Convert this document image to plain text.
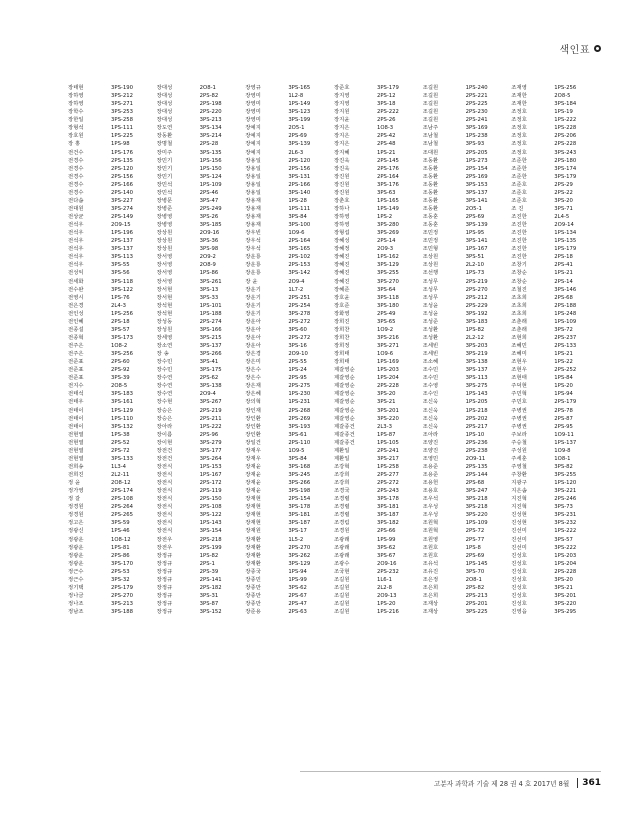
색인표
장태현	3PS-190	장대성	2O8-1	장영규	3PS-165	장준호	3PS-179	조길원	1PS-240	조재영	1PS-256
장하영	3PS-212	장대성	2PS-82	장영미	1L2-8	장지영	2PS-12	조길원	2PS-221	조재한	2O8-5
장하영	3PS-271	장대성	2PS-198	장영미	1PS-149	장지영	3PS-18	조길원	2PS-225	조재한	3PS-184
장학수	3PS-253	장대성	2PS-220	장영미	3PS-123	장지원	2PS-222	조길원	2PS-230	조정호	1PS-19
장한일	3PS-258	장대성	3PS-213	장영미	3PS-199	장지윤	2PS-26	조길원	2PS-241	조정호	1PS-222
장형석	1PS-111	장도연	3PS-134	장예지	2O5-1	장지은	1O8-3	조남주	3PS-169	조정호	1PS-228
장호원	1PS-225	장동환	3PS-214	장예지	2PS-69	장지은	2PS-42	조남철	1PS-238	조정호	2PS-206
장 홍	1PS-98	장명철	2PS-28	장예지	3PS-139	장지은	2PS-48	조남철	3PS-93	조정호	2PS-228
전건수	1PS-176	장미주	3PS-135	장예지	2L6-3	장지혜	1PS-21	조대원	2PS-205	조정호	3PS-243
전경수	2PS-135	장민기	1PS-156	장용일	2PS-120	장진욱	2PS-145	조동환	1PS-273	조준한	2PS-180
전경수	2PS-120	장민기	1PS-150	장용일	2PS-156	장진욱	2PS-176	조동환	2PS-154	조준한	3PS-174
전경수	2PS-156	장민기	3PS-124	장용일	3PS-131	장진원	2PS-164	조동환	2PS-169	조준한	3PS-179
전경수	2PS-166	장민석	1PS-109	장용일	2PS-166	장진원	3PS-176	조동환	3PS-153	조준호	2PS-29
전경수	2PS-140	장민석	2PS-46	장용일	3PS-140	장진원	3PS-63	조동환	3PS-137	조준호	2PS-22
전다솜	3PS-227	장병문	3PS-47	장용재	1PS-28	장춘호	1PS-165	조동환	3PS-141	조준호	3PS-20
전대원	3PS-274	장병준	2PS-249	장용재	1PS-111	장하나	1PS-149	조동환	2O5-1	조 진	3PS-71
전상균	2PS-149	장병영	3PS-26	장용재	3PS-84	장하영	1PS-2	조동훈	2PS-69	조진한	2L4-5
전석우	2O9-15	장병영	3PS-185	장용재	3PS-100	장하영	3PS-280	조동훈	3PS-139	조진한	2O9-14
전석우	1PS-196	장상원	2O9-16	장우빈	1O9-6	장형섭	3PS-269	조민정	1PS-95	조진한	1PS-134
전석우	2PS-137	장상원	3PS-36	장우석	2PS-164	장혜성	2PS-14	조민정	3PS-141	조진한	1PS-135
전석우	3PS-137	장상원	3PS-98	장우석	3PS-165	장혜정	2O9-3	조민형	1PS-167	조진한	1PS-179
전석우	3PS-113	장서영	2O9-2	장운룡	2PS-102	장혜진	1PS-162	조상원	3PS-51	조진한	2PS-18
전석우	3PS-55	장서영	2O8-9	장운룡	2PS-153	장혜진	3PS-129	조상원	2L2-10	조창기	2PS-41
전성익	3PS-56	장서영	1PS-86	장운룡	3PS-142	장혜진	3PS-255	조선행	1PS-73	조창순	1PS-21
전세화	3PS-118	장서영	3PS-261	장 윤	2O9-4	장혜진	3PS-270	조성무	2PS-219	조창순	2PS-14
전수완	3PS-122	장서현	3PS-13	장운기	1L7-2	장혜준	3PS-64	조성무	2PS-270	조철진	3PS-146
전영시	1PS-76	장서현	3PS-33	장운기	2PS-251	장호윤	3PS-118	조성무	2PS-212	조초희	2PS-68
전은경	2L4-3	장석현	1PS-101	장운기	2PS-254	장호준	3PS-180	조성윤	2PS-229	조초희	2PS-188
전인성	1PS-256	장석현	1PS-188	장운기	3PS-278	장화영	2PS-49	조성윤	3PS-192	조초희	1PS-248
전인혜	2PS-18	장성동	2PS-274	장운아	2PS-272	장희진	3PS-65	조성준	3PS-183	조춘래	1PS-109
전종설	3PS-57	장성원	3PS-166	장운아	3PS-60	장희찬	1O9-2	조성환	1PS-82	조춘래	3PS-72
전종혁	3PS-173	장세영	3PS-215	장운아	2PS-272	장희찬	3PS-216	조성환	2L2-12	조현희	2PS-237
전주은	1O8-2	장소연	3PS-137	장운아	3PS-16	장희정	3PS-271	조세빈	3PS-203	조혜민	2PS-133
전주은	3PS-256	장 송	3PS-266	장은경	2O9-10	장희태	1O9-6	조세빈	3PS-219	조혜미	1PS-21
전준표	2PS-60	장수민	3PS-41	장은미	2PS-55	장희태	1PS-169	조소혜	3PS-138	조현우	1PS-22
전준표	2PS-92	장수민	3PS-175	장은수	1PS-24	제갈영순	1PS-203	조수민	3PS-137	조현우	2PS-252
전준표	3PS-39	장수연	2PS-62	장은수	2PS-95	제갈영순	1PS-204	조수민	3PS-113	조현태	1PS-84
전지수	2O8-5	장수연	3PS-138	장은재	2PS-275	제갈영순	2PS-228	조수영	3PS-275	주덕현	1PS-20
전태석	3PS-183	장수연	2O9-4	장은혜	1PS-230	제갈영순	3PS-20	조수인	1PS-143	주민혁	1PS-94
전태우	3PS-161	장수현	3PS-267	장의혁	1PS-231	제갈영순	3PS-21	조신욱	1PS-205	주민호	2PS-179
전태이	1PS-129	장승은	2PS-219	장인재	2PS-268	제갈영순	3PS-201	조신욱	1PS-218	주병권	2PS-78
전태이	1PS-110	장승은	2PS-211	장인환	2PS-269	제갈영순	3PS-220	조신욱	2PS-202	주병권	2PS-87
전태이	3PS-132	장아라	1PS-222	장인환	3PS-193	제갈종건	2L3-3	조신욱	2PS-217	주병권	2PS-95
전현열	1PS-38	장이름	2PS-96	장인환	3PS-61	제갈종건	1PS-87	조아라	1PS-10	주보라	1O9-11
전현열	2PS-52	장이현	3PS-279	장일건	2PS-110	제갈종건	1PS-105	조양진	2PS-236	주승철	1PS-137
전현열	2PS-72	장전건	3PS-177	장재우	1O9-5	제환일	2PS-241	조양진	2PS-238	주성원	1O9-8
전현열	3PS-133	장전건	3PS-264	장재우	3PS-84	제환일	3PS-217	조영민	2O9-11	주세훈	1O8-1
전희송	1L3-4	장전식	1PS-153	장재윤	3PS-168	조강혁	1PS-258	조용준	2PS-135	주영철	3PS-82
전희진	2L2-11	장전식	1PS-167	장재윤	3PS-245	조강희	2PS-277	조용준	2PS-144	주창환	3PS-255
정 윤	2O8-12	장전식	2PS-172	장재윤	3PS-266	조강희	2PS-272	조용헌	2PS-68	지광구	1PS-120
정가영	2PS-174	장전식	2PS-119	장재윤	3PS-198	조경국	2PS-243	조용호	3PS-247	지은솜	3PS-221
정 갈	2PS-108	장전식	2PS-150	장재현	2PS-154	조경렬	3PS-178	조우석	3PS-218	지진혁	2PS-246
정경원	2PS-264	장전식	2PS-108	장재현	3PS-178	조경렬	3PS-181	조우성	3PS-218	지진혁	3PS-73
정경원	2PS-265	장전식	3PS-122	장재현	3PS-181	조경렬	3PS-187	조우성	3PS-220	진성현	3PS-231
정고은	3PS-59	장전식	1PS-143	장재현	3PS-187	조경림	3PS-182	조원혁	1PS-109	진성현	3PS-232
정광신	1PS-46	장전식	3PS-154	장재원	3PS-17	조경원	2PS-66	조원혁	2PS-72	진선미	1PS-222
정광운	1O8-12	장전우	2PS-218	장재환	1L5-2	조광래	1PS-99	조원영	2PS-77	진선미	3PS-57
정광운	1PS-81	장전우	2PS-199	장재환	2PS-270	조광래	3PS-62	조원호	1PS-8	진선미	3PS-222
정광운	2PS-86	장정규	1PS-82	장재환	3PS-262	조광래	3PS-67	조원호	2PS-69	진성호	1PS-203
정광운	3PS-170	장정규	2PS-1	장재환	3PS-129	조광수	2O9-16	조유석	1PS-145	진성호	1PS-204
정근수	2PS-53	장정규	2PS-39	장종국	1PS-94	조국현	2PS-232	조유진	3PS-70	진성호	2PS-228
정근수	3PS-32	장정규	2PS-141	장종민	1PS-99	조길원	1L6-1	조은정	2O8-1	진성호	3PS-20
정기택	2PS-179	장정규	2PS-182	장종만	3PS-62	조길원	2L2-8	조은희	2PS-82	진성호	3PS-21
정나금	2PS-270	장정규	3PS-31	장종만	2PS-67	조길원	2O9-13	조은희	2PS-213	진성호	3PS-201
정나조	3PS-213	장정규	3PS-87	장종만	2PS-47	조길원	1PS-20	조재상	2PS-201	진성호	3PS-220
정남조	3PS-188	장정규	3PS-152	장준용	2PS-63	조길원	1PS-216	조재상	3PS-225	진영읍	3PS-295
고분자 과학과 기술 제 28 권 4 호 2017년 8월	361
